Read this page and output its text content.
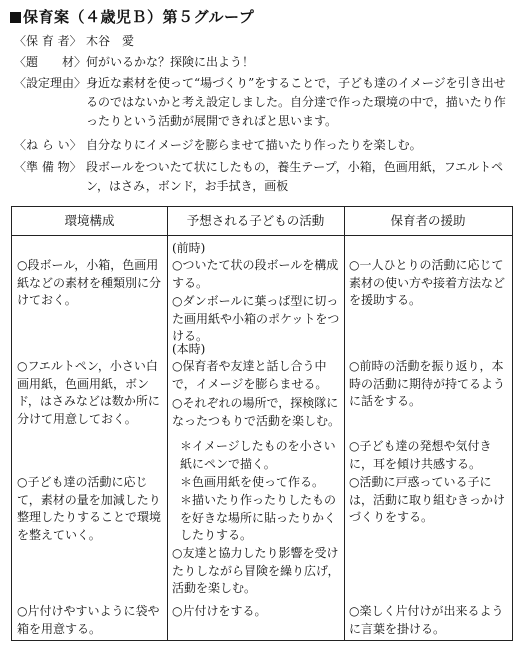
保育案（４歳児Ｂ）第５グループ
〈保 育 者〉 木谷　愛
〈題　　材〉 何がいるかな？探険に出よう！
〈設定理由〉 身近な素材を使って“場づくり”をすることで，子ども達のイメージを引き出せるのではないかと考え設定しました。自分達で作った環境の中で，描いたり作ったりという活動が展開できればと思います。
〈ね ら い〉 自分なりにイメージを膨らませて描いたり作ったりを楽しむ。
〈準 備 物〉 段ボールをついたて状にしたもの，養生テープ，小箱，色画用紙，フエルトペン，はさみ，ボンド，お手拭き，画板
環境構成	予想される子どもの活動	保育者の援助
○段ボール，小箱，色画用紙などの素材を種類別に分けておく。
○フエルトペン，小さい白画用紙，色画用紙，ボンド，はさみなどは数か所に分けて用意しておく。
○子ども達の活動に応じて，素材の量を加減したり整理したりすることで環境を整えていく。
○片付けやすいように袋や箱を用意する。
(前時)
○ついたて状の段ボールを構成する。
○ダンボールに葉っぱ型に切った画用紙や小箱のポケットをつける。
(本時)
○保育者や友達と話し合う中で，イメージを膨らませる。
○それぞれの場所で，探検隊になったつもりで活動を楽しむ。
＊イメージしたものを小さい紙にペンで描く。
＊色画用紙を使って作る。
＊描いたり作ったりしたものを好きな場所に貼ったりかくしたりする。
○友達と協力したり影響を受けたりしながら冒険を繰り広げ，活動を楽しむ。
○片付けをする。
○一人ひとりの活動に応じて素材の使い方や接着方法などを援助する。
○前時の活動を振り返り，本時の活動に期待が持てるように話をする。
○子ども達の発想や気付きに，耳を傾け共感する。
○活動に戸惑っている子には，活動に取り組むきっかけづくりをする。
○楽しく片付けが出来るように言葉を掛ける。
